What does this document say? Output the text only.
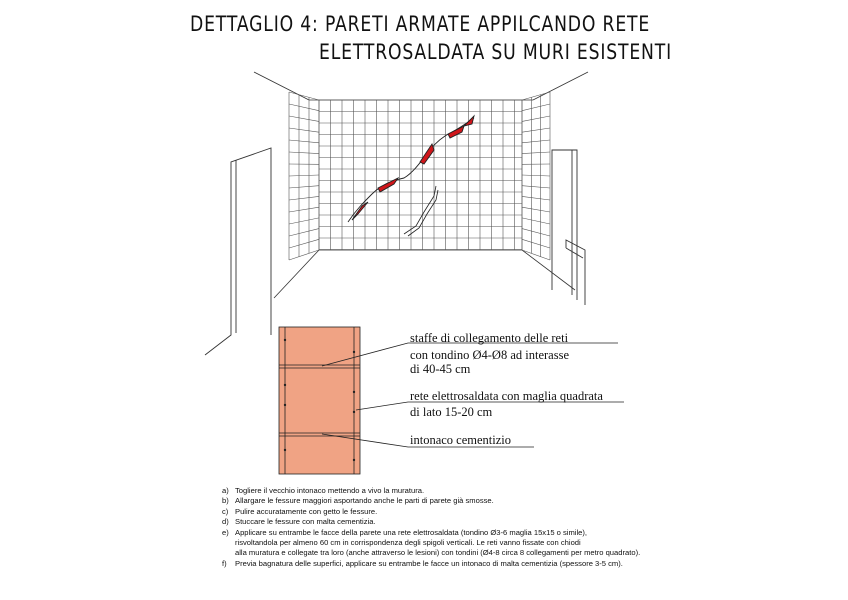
DETTAGLIO 4: PARETI ARMATE APPILCANDO RETE
ELETTROSALDATA SU MURI ESISTENTI
staffe di collegamento delle reti
con tondino Ø4-Ø8 ad interasse
di 40-45 cm
rete elettrosaldata con maglia quadrata
di lato 15-20 cm
intonaco cementizio
a) Togliere il vecchio intonaco mettendo a vivo la muratura.
b) Allargare le fessure maggiori asportando anche le parti di parete già smosse.
c) Pulire accuratamente con getto le fessure.
d) Stuccare le fessure con malta cementizia.
e) Applicare su entrambe le facce della parete una rete elettrosaldata (tondino Ø3-6 maglia 15x15 o simile),
risvoltandola per almeno 60 cm in corrispondenza degli spigoli verticali. Le reti vanno fissate con chiodi
alla muratura e collegate tra loro (anche attraverso le lesioni) con tondini (Ø4-8 circa 8 collegamenti per metro quadrato).
f)	Previa bagnatura delle superfici, applicare su entrambe le facce un intonaco di malta cementizia (spessore 3-5 cm).
